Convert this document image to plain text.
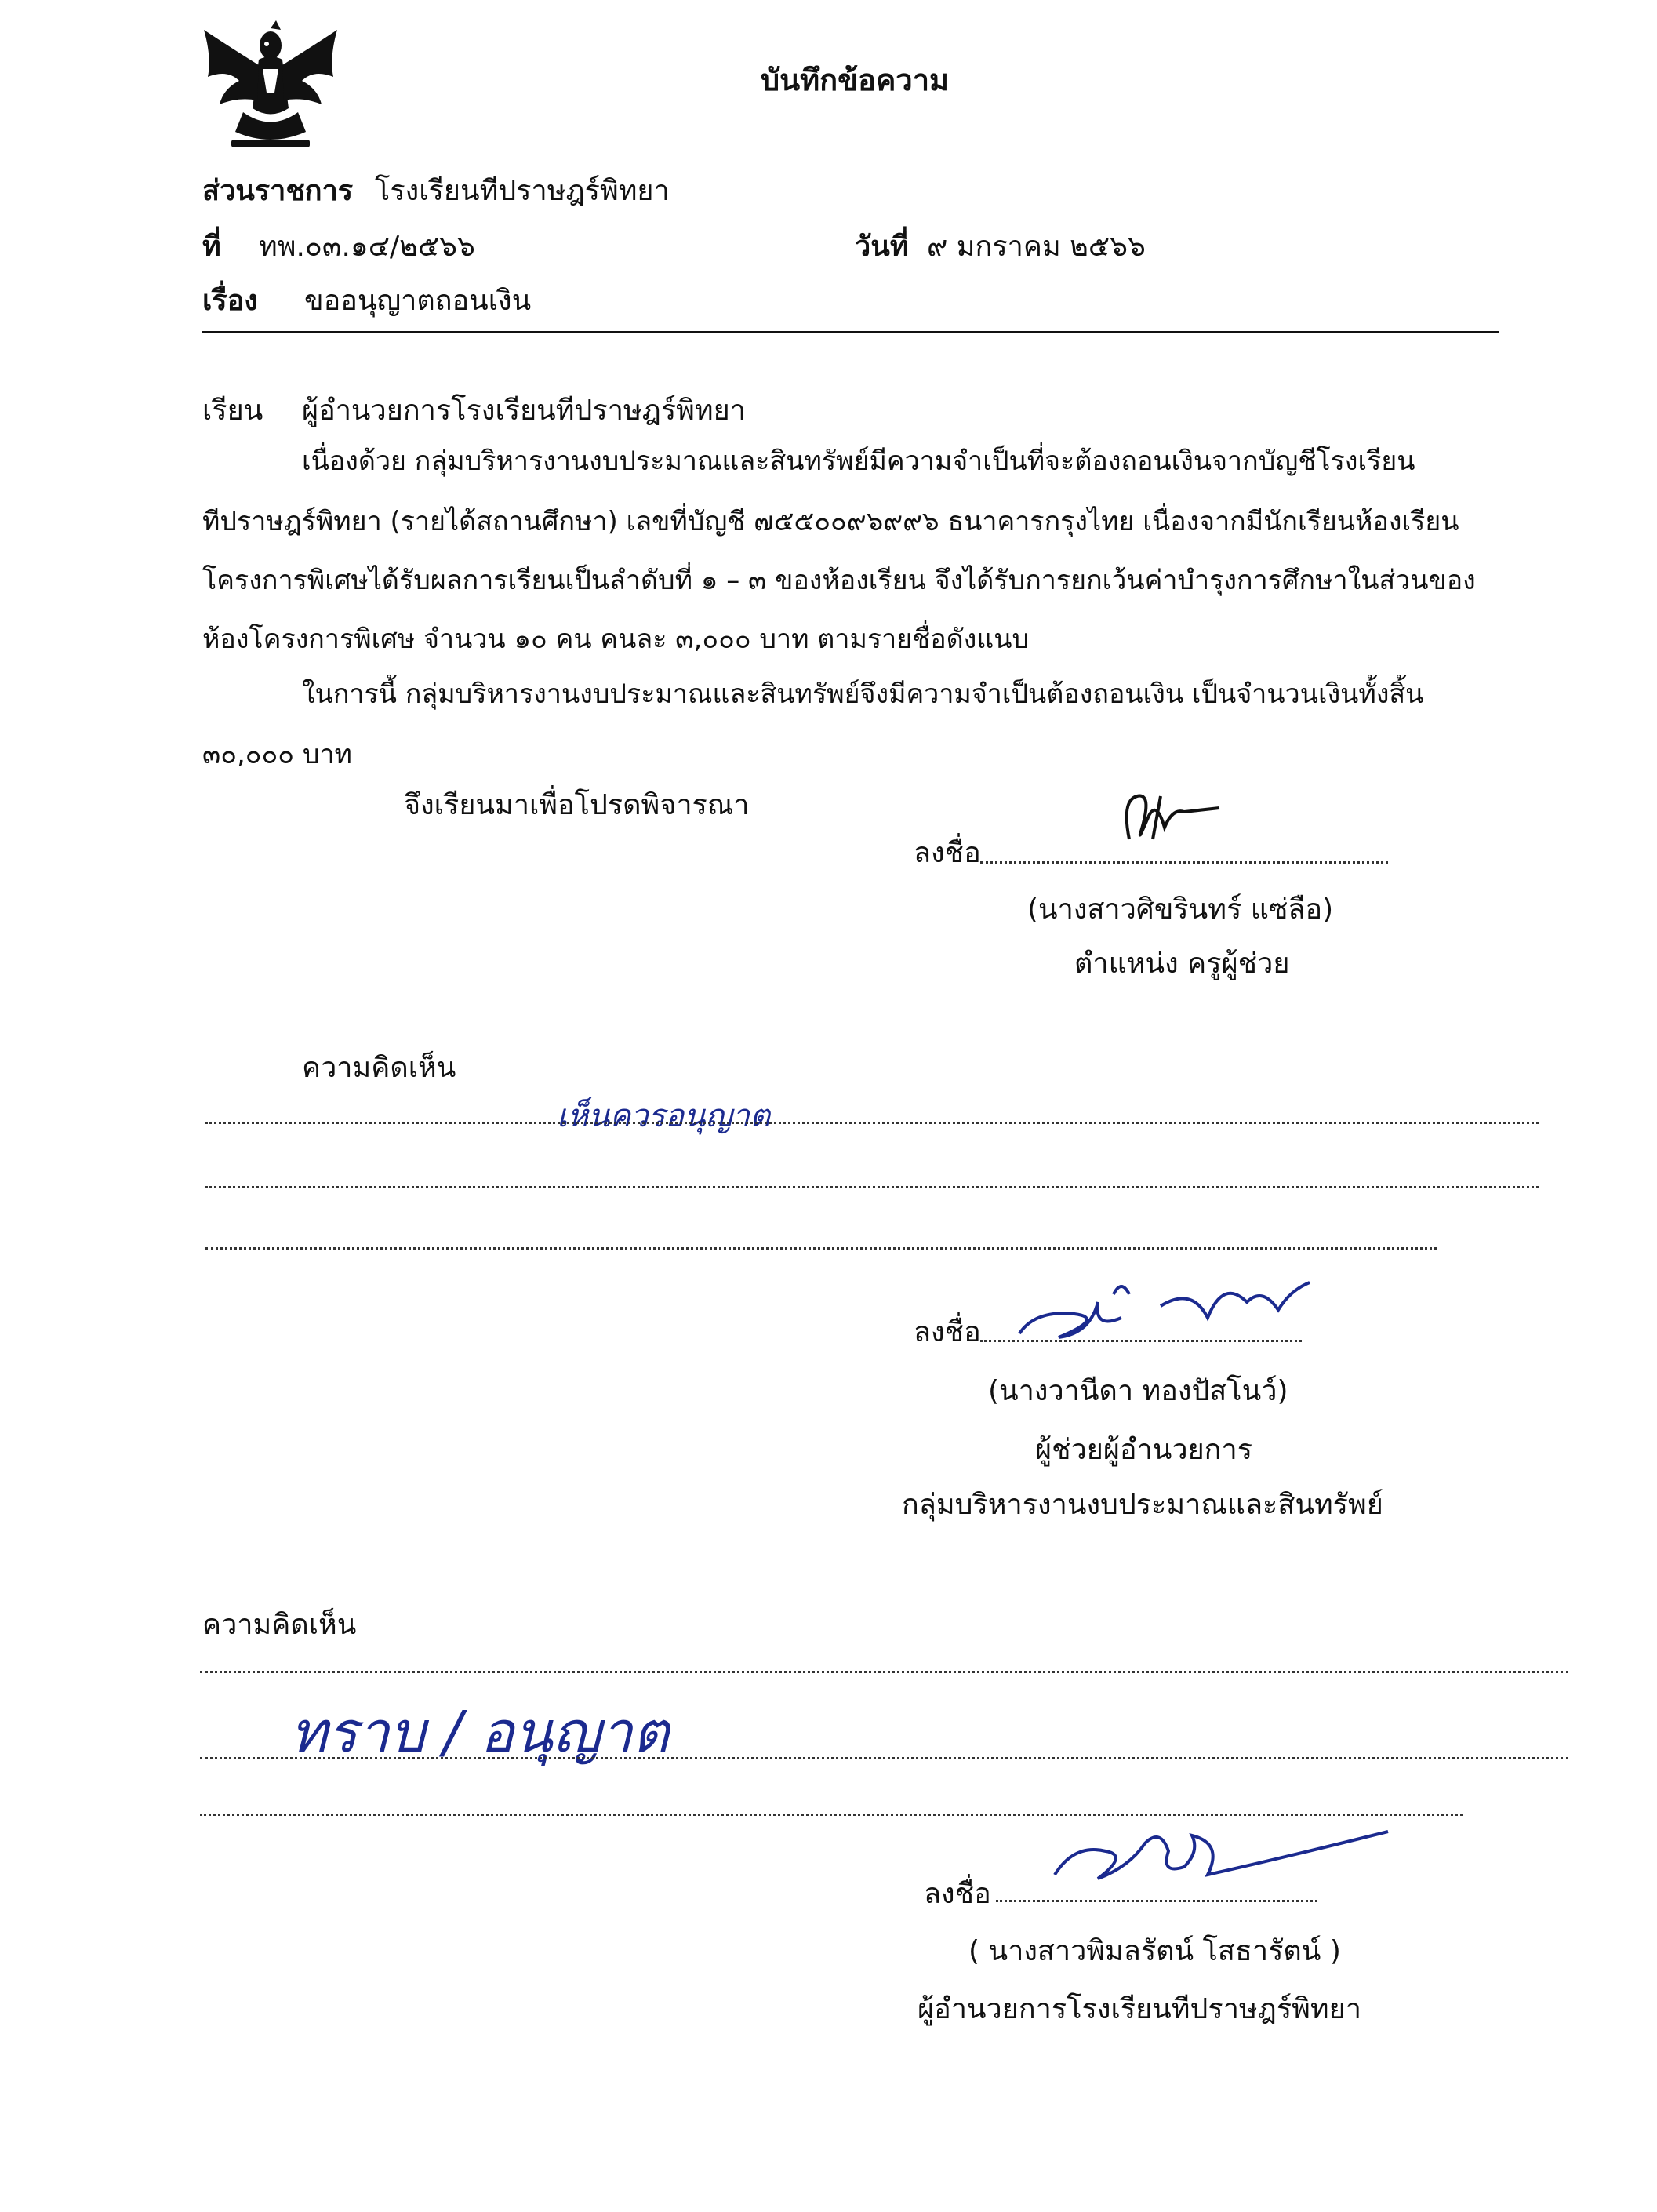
บันทึกข้อความ
ส่วนราชการ โรงเรียนทีปราษฎร์พิทยา
ที่ ทพ.๐๓.๑๔/๒๕๖๖	วันที่ ๙ มกราคม ๒๕๖๖
เรื่อง ขออนุญาตถอนเงิน
เรียน ผู้อำนวยการโรงเรียนทีปราษฎร์พิทยา
เนื่องด้วย กลุ่มบริหารงานงบประมาณและสินทรัพย์มีความจำเป็นที่จะต้องถอนเงินจากบัญชีโรงเรียน
ทีปราษฎร์พิทยา (รายได้สถานศึกษา) เลขที่บัญชี ๗๕๕๐๐๙๖๙๙๖ ธนาคารกรุงไทย เนื่องจากมีนักเรียนห้องเรียน
โครงการพิเศษได้รับผลการเรียนเป็นลำดับที่ ๑ – ๓ ของห้องเรียน จึงได้รับการยกเว้นค่าบำรุงการศึกษาในส่วนของ
ห้องโครงการพิเศษ จำนวน ๑๐ คน คนละ ๓,๐๐๐ บาท ตามรายชื่อดังแนบ
ในการนี้ กลุ่มบริหารงานงบประมาณและสินทรัพย์จึงมีความจำเป็นต้องถอนเงิน เป็นจำนวนเงินทั้งสิ้น
๓๐,๐๐๐ บาท
จึงเรียนมาเพื่อโปรดพิจารณา
ลงชื่อ
(นางสาวศิขรินทร์ แซ่ลือ)
ตำแหน่ง ครูผู้ช่วย
ความคิดเห็น
เห็นควรอนุญาต
ลงชื่อ
(นางวานีดา ทองปัสโนว์)
ผู้ช่วยผู้อำนวยการ
กลุ่มบริหารงานงบประมาณและสินทรัพย์
ความคิดเห็น
ทราบ / อนุญาต
ลงชื่อ
( นางสาวพิมลรัตน์ โสธารัตน์ )
ผู้อำนวยการโรงเรียนทีปราษฎร์พิทยา
